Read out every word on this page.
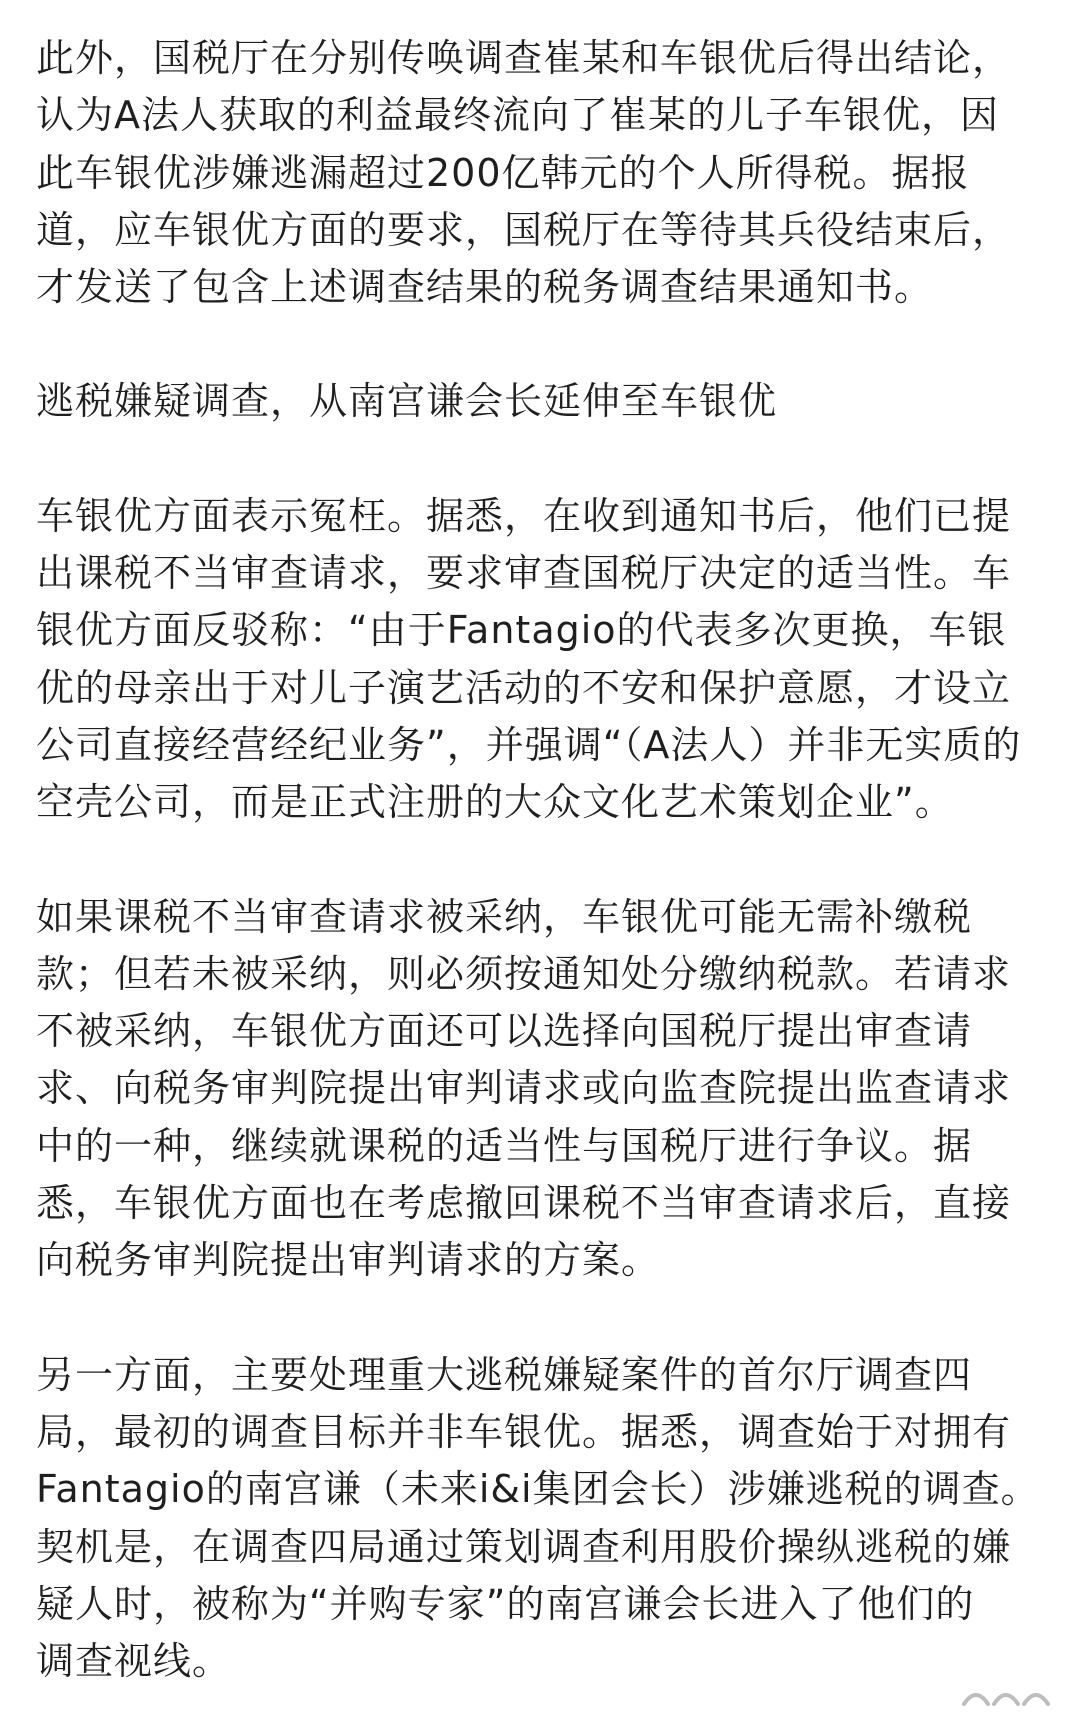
此外，国税厅在分别传唤调查崔某和车银优后得出结论，

认为A法人获取的利益最终流向了崔某的儿子车银优，因

此车银优涉嫌逃漏超过200亿韩元的个人所得税。据报

道，应车银优方面的要求，国税厅在等待其兵役结束后，

才发送了包含上述调查结果的税务调查结果通知书。

逃税嫌疑调查，从南宫谦会长延伸至车银优

车银优方面表示冤枉。据悉，在收到通知书后，他们已提

出课税不当审查请求，要求审查国税厅决定的适当性。车

银优方面反驳称：“由于Fantagio的代表多次更换，车银

优的母亲出于对儿子演艺活动的不安和保护意愿，才设立

公司直接经营经纪业务”，并强调“（A法人）并非无实质的

空壳公司，而是正式注册的大众文化艺术策划企业”。

如果课税不当审查请求被采纳，车银优可能无需补缴税

款；但若未被采纳，则必须按通知处分缴纳税款。若请求

不被采纳，车银优方面还可以选择向国税厅提出审查请

求、向税务审判院提出审判请求或向监查院提出监查请求

中的一种，继续就课税的适当性与国税厅进行争议。据

悉，车银优方面也在考虑撤回课税不当审查请求后，直接

向税务审判院提出审判请求的方案。

另一方面，主要处理重大逃税嫌疑案件的首尔厅调查四

局，最初的调查目标并非车银优。据悉，调查始于对拥有

Fantagio的南宫谦（未来i&i集团会长）涉嫌逃税的调查。

契机是，在调查四局通过策划调查利用股价操纵逃税的嫌

疑人时，被称为“并购专家”的南宫谦会长进入了他们的

调查视线。
